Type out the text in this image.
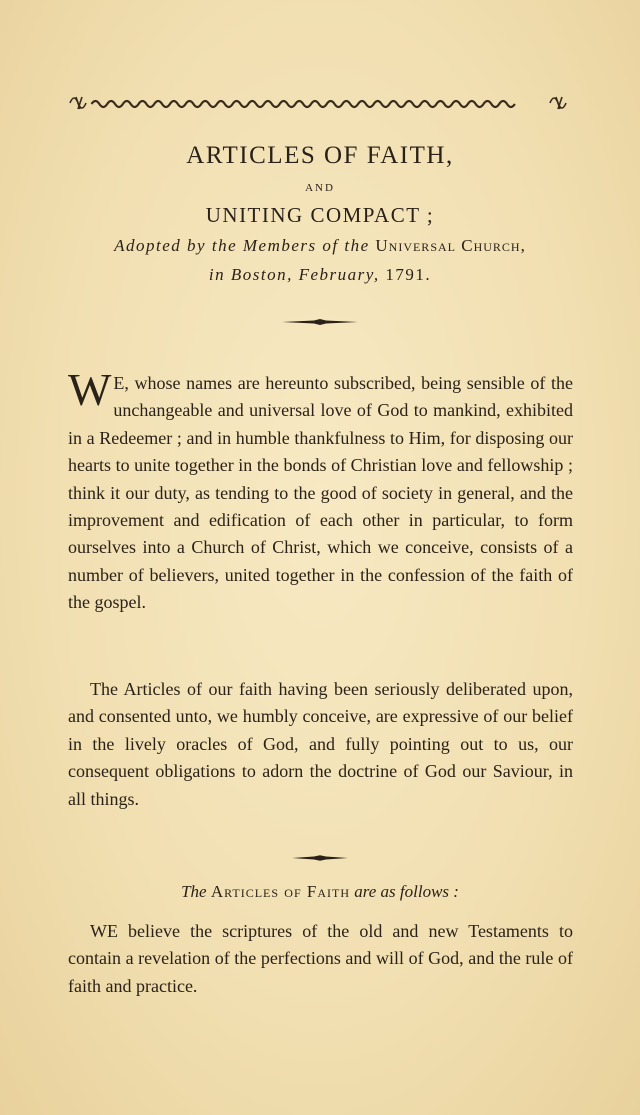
ARTICLES OF FAITH,
AND
UNITING COMPACT ;
Adopted by the Members of the Universal Church,
in Boston, February, 1791.
W E, whose names are hereunto subscribed, being sensible of the unchangeable and universal love of God to mankind, exhibited in a Redeemer ; and in humble thankfulness to Him, for disposing our hearts to unite together in the bonds of Christian love and fellowship ; think it our duty, as tending to the good of society in general, and the improvement and edification of each other in particular, to form ourselves into a Church of Christ, which we conceive, consists of a number of believers, united together in the confession of the faith of the gospel.
The Articles of our faith having been seriously deliberated upon, and consented unto, we humbly conceive, are expressive of our belief in the lively oracles of God, and fully pointing out to us, our consequent obligations to adorn the doctrine of God our Saviour, in all things.
The Articles of Faith are as follows :
WE believe the scriptures of the old and new Testaments to contain a revelation of the perfections and will of God, and the rule of faith and practice.
